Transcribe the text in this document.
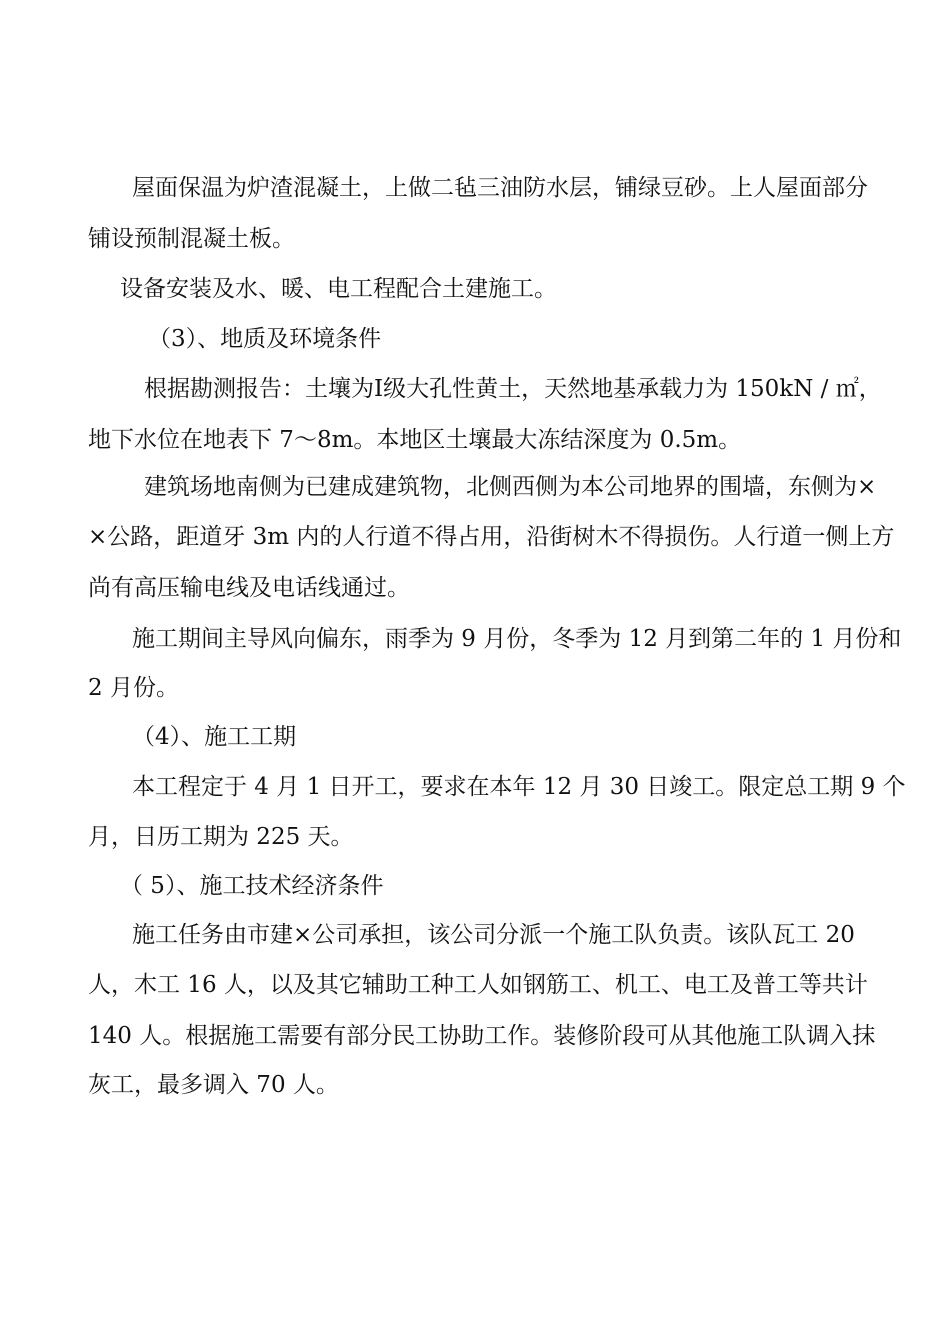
屋面保温为炉渣混凝土，上做二毡三油防水层，铺绿豆砂。上人屋面部分

铺设预制混凝土板。

设备安装及水、暖、电工程配合土建施工。

（3）、地质及环境条件

根据勘测报告：土壤为Ⅰ级大孔性黄土，天然地基承载力为 150kN / ㎡，

地下水位在地表下 7～8m。本地区土壤最大冻结深度为 0.5m。

建筑场地南侧为已建成建筑物，北侧西侧为本公司地界的围墙，东侧为×

×公路，距道牙 3m 内的人行道不得占用，沿街树木不得损伤。人行道一侧上方

尚有高压输电线及电话线通过。

施工期间主导风向偏东，雨季为 9 月份，冬季为 12 月到第二年的 1 月份和

2 月份。

（4）、施工工期

本工程定于 4 月 1 日开工，要求在本年 12 月 30 日竣工。限定总工期 9 个

月，日历工期为 225 天。

（ 5）、施工技术经济条件

施工任务由市建×公司承担，该公司分派一个施工队负责。该队瓦工 20

人，木工 16 人，以及其它辅助工种工人如钢筋工、机工、电工及普工等共计

140 人。根据施工需要有部分民工协助工作。装修阶段可从其他施工队调入抹

灰工，最多调入 70 人。
